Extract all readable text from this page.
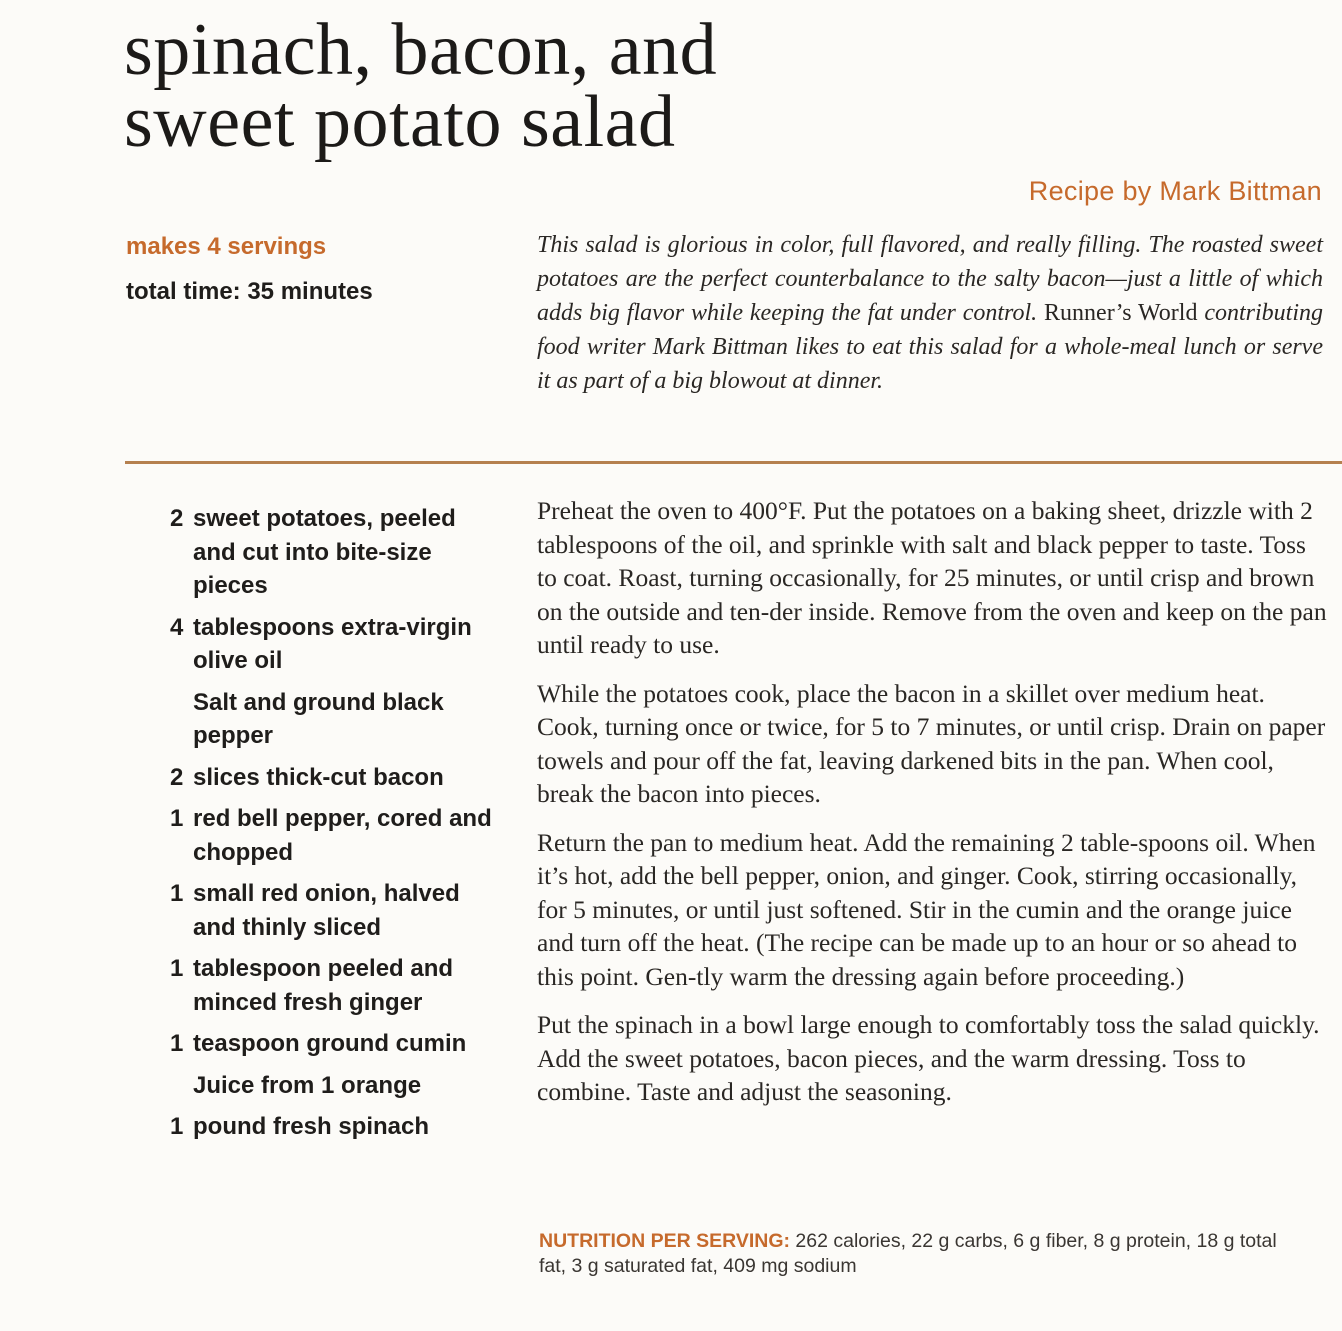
spinach, bacon, and
sweet potato salad
Recipe by Mark Bittman
makes 4 servings
total time: 35 minutes

This salad is glorious in color, full flavored, and really filling. The roasted sweet potatoes are the perfect counterbalance to the salty bacon—just a little of which adds big flavor while keeping the fat under control. Runner’s World contributing food writer Mark Bittman likes to eat this salad for a whole-meal lunch or serve it as part of a big blowout at dinner.

2 sweet potatoes, peeled and cut into bite-size pieces
4 tablespoons extra-virgin olive oil
Salt and ground black pepper
2 slices thick-cut bacon
1 red bell pepper, cored and chopped
1 small red onion, halved and thinly sliced
1 tablespoon peeled and minced fresh ginger
1 teaspoon ground cumin
Juice from 1 orange
1 pound fresh spinach

Preheat the oven to 400°F. Put the potatoes on a baking sheet, drizzle with 2 tablespoons of the oil, and sprinkle with salt and black pepper to taste. Toss to coat. Roast, turning occasionally, for 25 minutes, or until crisp and brown on the outside and ten-der inside. Remove from the oven and keep on the pan until ready to use.

While the potatoes cook, place the bacon in a skillet over medium heat. Cook, turning once or twice, for 5 to 7 minutes, or until crisp. Drain on paper towels and pour off the fat, leaving darkened bits in the pan. When cool, break the bacon into pieces.

Return the pan to medium heat. Add the remaining 2 table-spoons oil. When it’s hot, add the bell pepper, onion, and ginger. Cook, stirring occasionally, for 5 minutes, or until just softened. Stir in the cumin and the orange juice and turn off the heat. (The recipe can be made up to an hour or so ahead to this point. Gen-tly warm the dressing again before proceeding.)

Put the spinach in a bowl large enough to comfortably toss the salad quickly. Add the sweet potatoes, bacon pieces, and the warm dressing. Toss to combine. Taste and adjust the seasoning.

NUTRITION PER SERVING: 262 calories, 22 g carbs, 6 g fiber, 8 g protein, 18 g total fat, 3 g saturated fat, 409 mg sodium
